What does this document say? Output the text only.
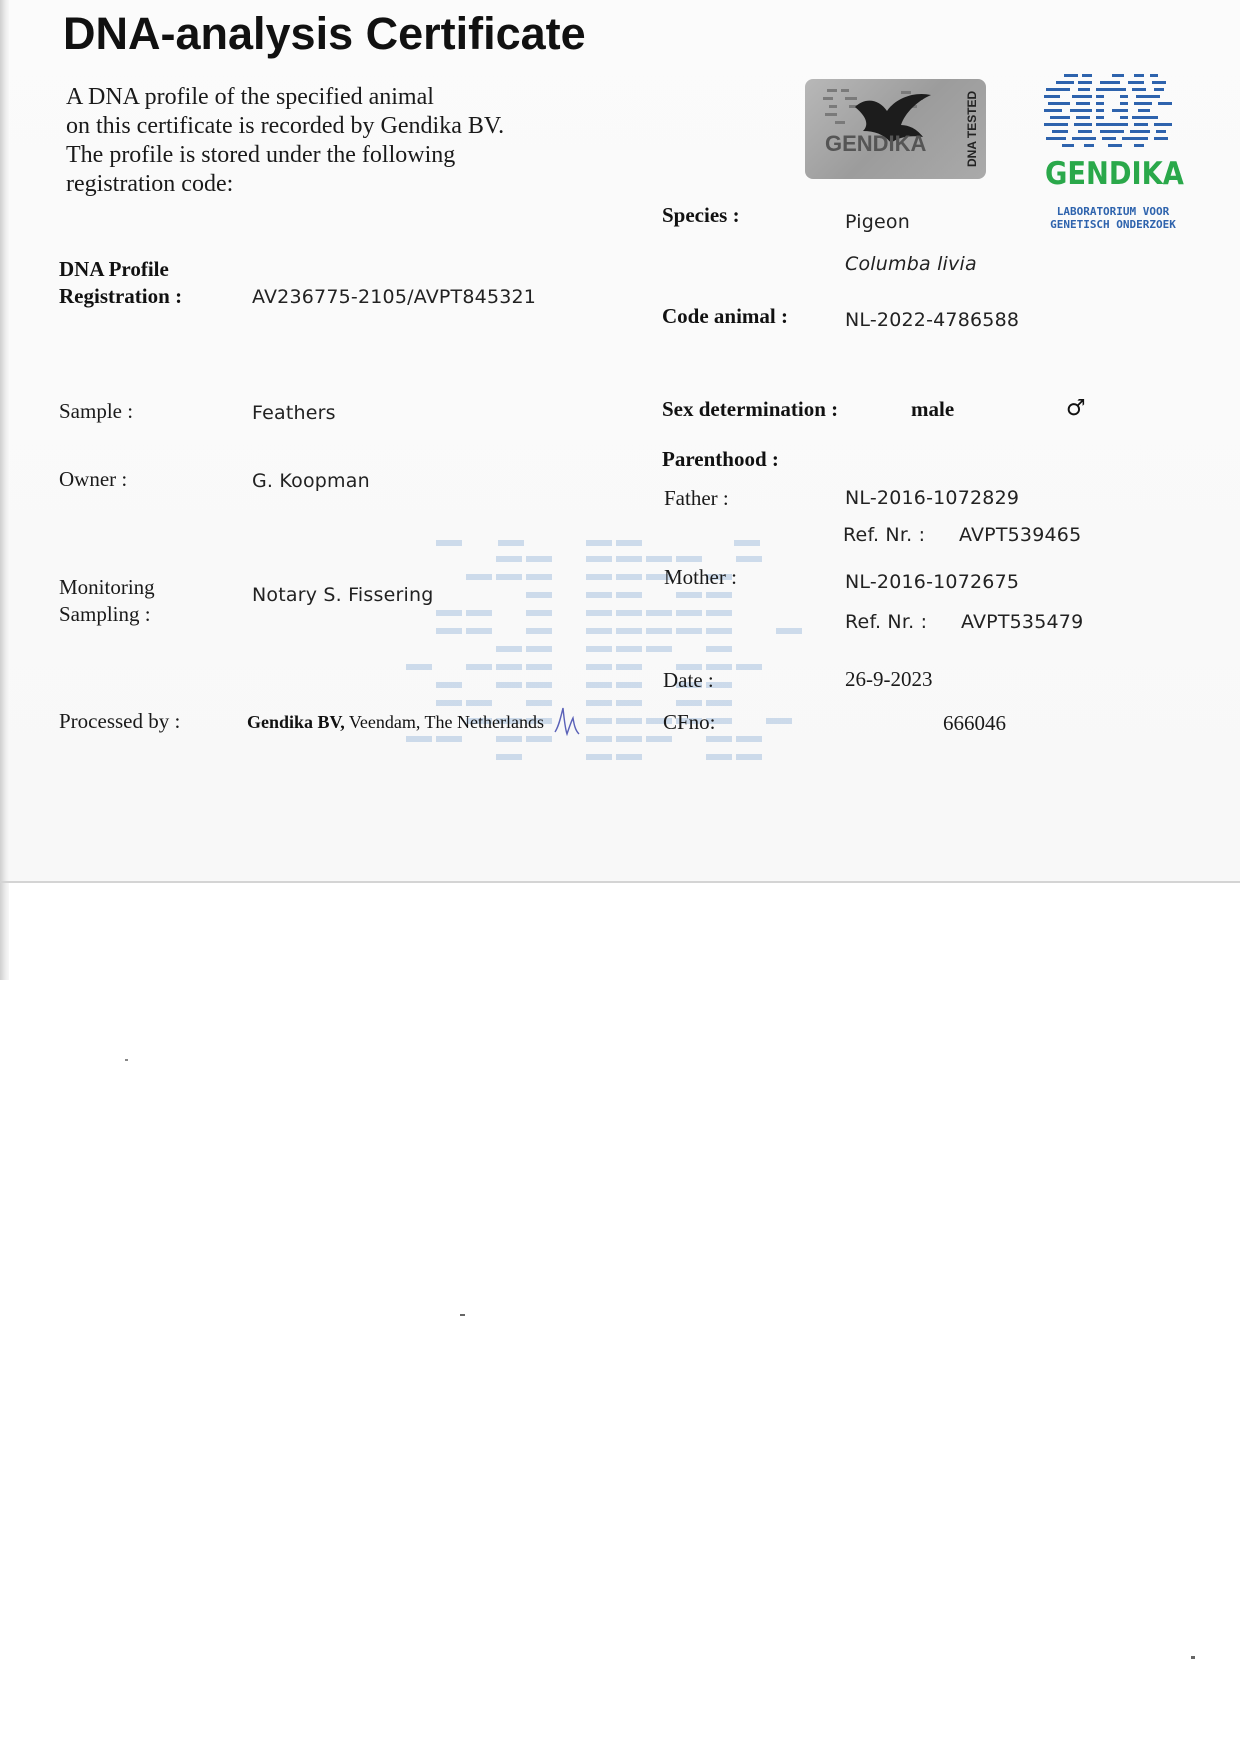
DNA-analysis Certificate
A DNA profile of the specified animal
on this certificate is recorded by Gendika BV.
The profile is stored under the following
registration code:
GENDIKA	DNA TESTED
GENDIKA
LABORATORIUM VOOR
GENETISCH ONDERZOEK
DNA Profile
Registration :	AV236775-2105/AVPT845321
Sample :	Feathers
Owner :	G. Koopman
Monitoring
Sampling :
Notary S. Fissering
Processed by :	Gendika BV, Veendam, The Netherlands
Species :	Pigeon
Columba livia
Code animal :	NL-2022-4786588
Sex determination :	male	♂
Parenthood :
Father :	NL-2016-1072829
Ref. Nr. : AVPT539465
Mother :	NL-2016-1072675
Ref. Nr. : AVPT535479
Date :	26-9-2023
CFno:	666046
